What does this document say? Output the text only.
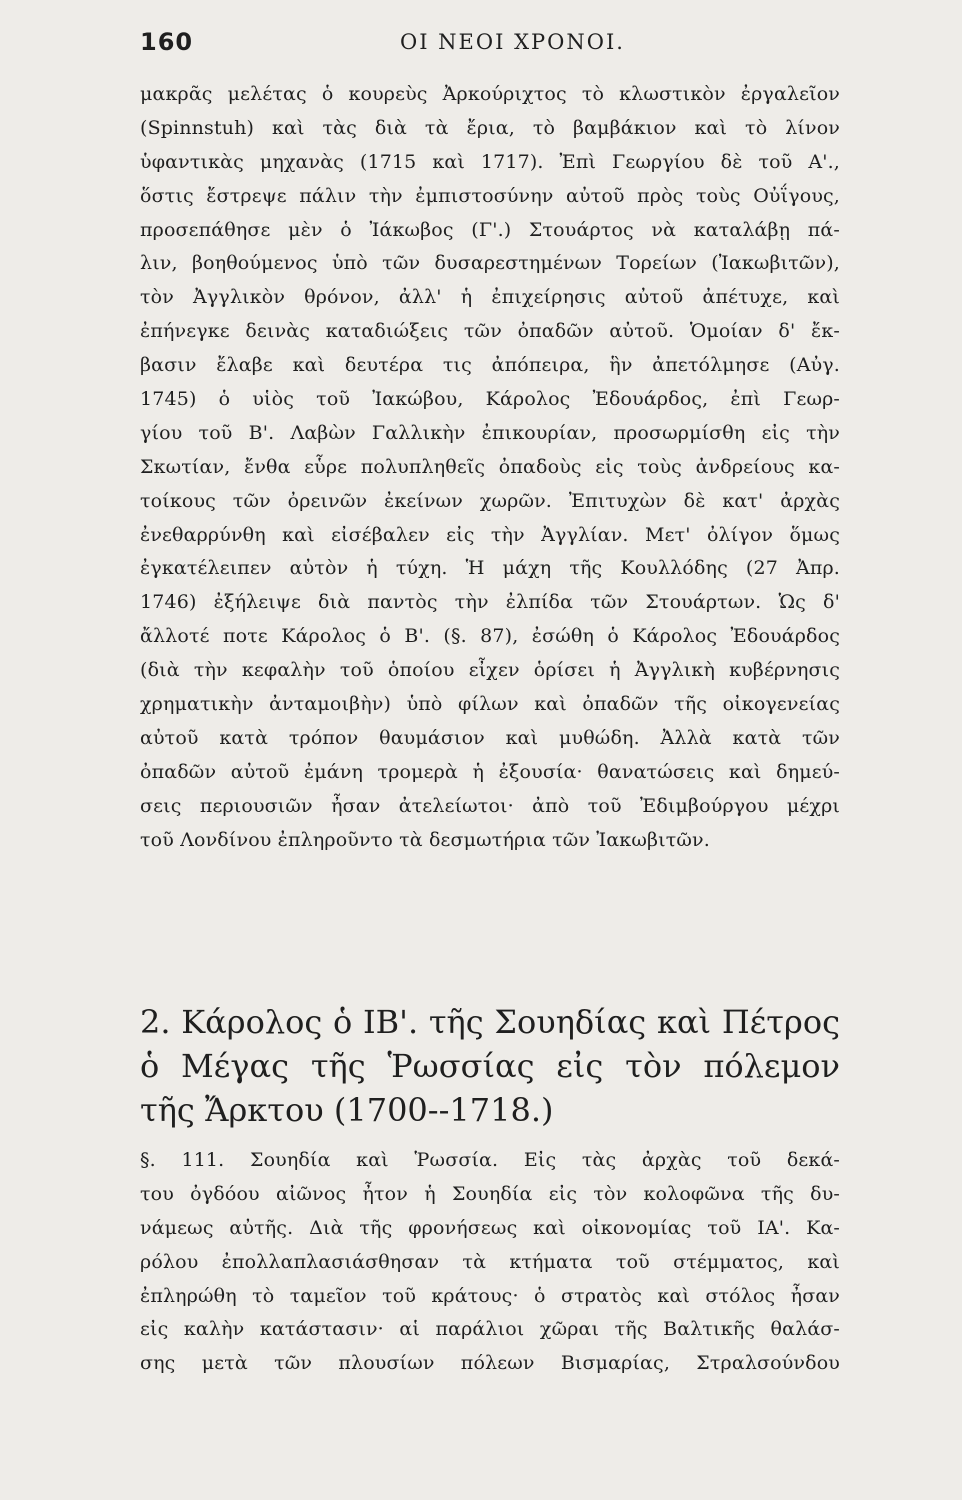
160	ΟΙ ΝΕΟΙ ΧΡΟΝΟΙ.
μακρᾶς μελέτας ὁ κουρεὺς Ἀρκούριχτος τὸ κλωστικὸν ἐργαλεῖον
(Spinnstuh) καὶ τὰς διὰ τὰ ἔρια, τὸ βαμβάκιον καὶ τὸ λίνον
ὑφαντικὰς μηχανὰς (1715 καὶ 1717). Ἐπὶ Γεωργίου δὲ τοῦ Α'.,
ὅστις ἔστρεψε πάλιν τὴν ἐμπιστοσύνην αὐτοῦ πρὸς τοὺς Οὐΐγους,
προσεπάθησε μὲν ὁ Ἰάκωβος (Γ'.) Στουάρτος νὰ καταλάβῃ πά-
λιν, βοηθούμενος ὑπὸ τῶν δυσαρεστημένων Τορείων (Ἰακωβιτῶν),
τὸν Ἀγγλικὸν θρόνον, ἀλλ' ἡ ἐπιχείρησις αὐτοῦ ἀπέτυχε, καὶ
ἐπήνεγκε δεινὰς καταδιώξεις τῶν ὀπαδῶν αὐτοῦ. Ὁμοίαν δ' ἔκ-
βασιν ἔλαβε καὶ δευτέρα τις ἀπόπειρα, ἣν ἀπετόλμησε (Αὐγ.
1745) ὁ υἱὸς τοῦ Ἰακώβου, Κάρολος Ἐδουάρδος, ἐπὶ Γεωρ-
γίου τοῦ Β'. Λαβὼν Γαλλικὴν ἐπικουρίαν, προσωρμίσθη εἰς τὴν
Σκωτίαν, ἔνθα εὗρε πολυπληθεῖς ὀπαδοὺς εἰς τοὺς ἀνδρείους κα-
τοίκους τῶν ὀρεινῶν ἐκείνων χωρῶν. Ἐπιτυχὼν δὲ κατ' ἀρχὰς
ἐνεθαρρύνθη καὶ εἰσέβαλεν εἰς τὴν Ἀγγλίαν. Μετ' ὀλίγον ὅμως
ἐγκατέλειπεν αὐτὸν ἡ τύχη. Ἡ μάχη τῆς Κουλλόδης (27 Ἀπρ.
1746) ἐξήλειψε διὰ παντὸς τὴν ἐλπίδα τῶν Στουάρτων. Ὡς δ'
ἄλλοτέ ποτε Κάρολος ὁ Β'. (§. 87), ἐσώθη ὁ Κάρολος Ἐδουάρδος
(διὰ τὴν κεφαλὴν τοῦ ὁποίου εἶχεν ὁρίσει ἡ Ἀγγλικὴ κυβέρνησις
χρηματικὴν ἀνταμοιβὴν) ὑπὸ φίλων καὶ ὀπαδῶν τῆς οἰκογενείας
αὐτοῦ κατὰ τρόπον θαυμάσιον καὶ μυθώδη. Ἀλλὰ κατὰ τῶν
ὀπαδῶν αὐτοῦ ἐμάνη τρομερὰ ἡ ἐξουσία· θανατώσεις καὶ δημεύ-
σεις περιουσιῶν ἦσαν ἀτελείωτοι· ἀπὸ τοῦ Ἐδιμβούργου μέχρι
τοῦ Λονδίνου ἐπληροῦντο τὰ δεσμωτήρια τῶν Ἰακωβιτῶν.
2. Κάρολος ὁ ΙΒ'. τῆς Σουηδίας καὶ Πέτρος
ὁ Μέγας τῆς Ῥωσσίας εἰς τὸν πόλεμον
τῆς Ἄρκτου (1700--1718.)
§. 111. Σουηδία καὶ Ῥωσσία. Εἰς τὰς ἀρχὰς τοῦ δεκά-
του ὀγδόου αἰῶνος ἦτον ἡ Σουηδία εἰς τὸν κολοφῶνα τῆς δυ-
νάμεως αὐτῆς. Διὰ τῆς φρονήσεως καὶ οἰκονομίας τοῦ ΙΑ'. Κα-
ρόλου ἐπολλαπλασιάσθησαν τὰ κτήματα τοῦ στέμματος, καὶ
ἐπληρώθη τὸ ταμεῖον τοῦ κράτους· ὁ στρατὸς καὶ στόλος ἦσαν
εἰς καλὴν κατάστασιν· αἱ παράλιοι χῶραι τῆς Βαλτικῆς θαλάσ-
σης μετὰ τῶν πλουσίων πόλεων Βισμαρίας, Στραλσούνδου
